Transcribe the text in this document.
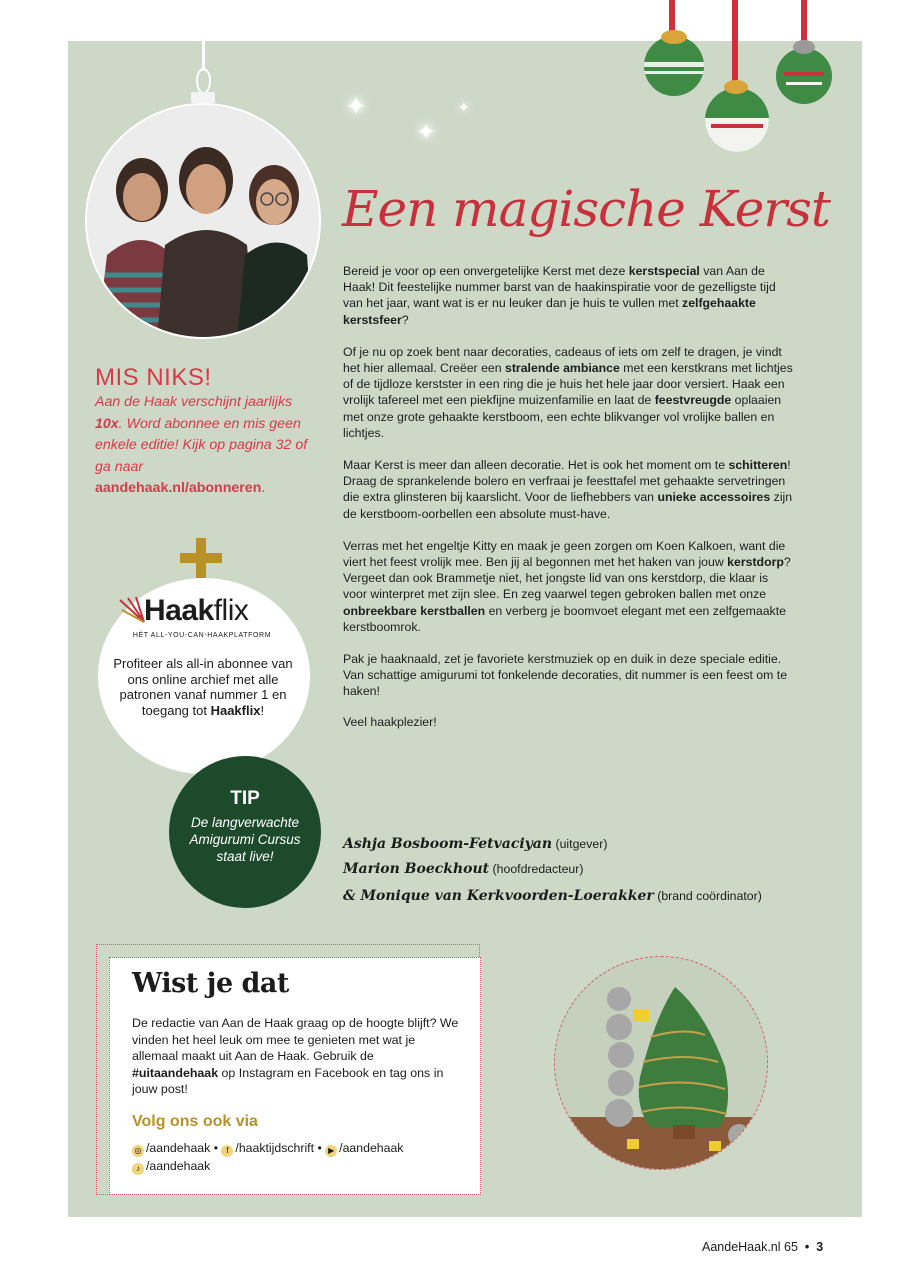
✦
✦
✦
Een magische Kerst

Bereid je voor op een onvergetelijke Kerst met deze kerstspecial van Aan de Haak! Dit feestelijke nummer barst van de haakinspiratie voor de gezelligste tijd van het jaar, want wat is er nu leuker dan je huis te vullen met zelfgehaakte kerstsfeer?

Of je nu op zoek bent naar decoraties, cadeaus of iets om zelf te dragen, je vindt het hier allemaal. Creëer een stralende ambiance met een kerstkrans met lichtjes of de tijdloze kerstster in een ring die je huis het hele jaar door versiert. Haak een vrolijk tafereel met een piekfijne muizenfamilie en laat de feestvreugde oplaaien met onze grote gehaakte kerstboom, een echte blikvanger vol vrolijke ballen en lichtjes.

Maar Kerst is meer dan alleen decoratie. Het is ook het moment om te schitteren! Draag de sprankelende bolero en verfraai je feesttafel met gehaakte servetringen die extra glinsteren bij kaarslicht. Voor de liefhebbers van unieke accessoires zijn de kerstboom-oorbellen een absolute must-have.

Verras met het engeltje Kitty en maak je geen zorgen om Koen Kalkoen, want die viert het feest vrolijk mee. Ben jij al begonnen met het haken van jouw kerstdorp? Vergeet dan ook Brammetje niet, het jongste lid van ons kerstdorp, die klaar is voor winterpret met zijn slee. En zeg vaarwel tegen gebroken ballen met onze onbreekbare kerstballen en verberg je boomvoet elegant met een zelfgemaakte kerstboomrok.

Pak je haaknaald, zet je favoriete kerstmuziek op en duik in deze speciale editie. Van schattige amigurumi tot fonkelende decoraties, dit nummer is een feest om te haken!

Veel haakplezier!

Ashja Bosboom-Fetvaciyan (uitgever)
Marion Boeckhout (hoofdredacteur)
& Monique van Kerkvoorden-Loerakker (brand coördinator)
MIS NIKS!
Aan de Haak verschijnt jaarlijks 10x. Word abonnee en mis geen enkele editie! Kijk op pagina 32 of ga naar aandehaak.nl/abonneren.
Haakflix
HÉT ALL-YOU-CAN-HAAKPLATFORM
Profiteer als all-in abonnee van ons online archief met alle patronen vanaf nummer 1 en toegang tot Haakflix!
TIP
De langverwachte Amigurumi Cursus staat live!
Wist je dat
De redactie van Aan de Haak graag op de hoogte blijft? We vinden het heel leuk om mee te genieten met wat je allemaal maakt uit Aan de Haak. Gebruik de #uitaandehaak op Instagram en Facebook en tag ons in jouw post!
Volg ons ook via
◎ /aandehaak • f /haaktijdschrift • ▶ /aandehaak
♪ /aandehaak
AandeHaak.nl 65 • 3
